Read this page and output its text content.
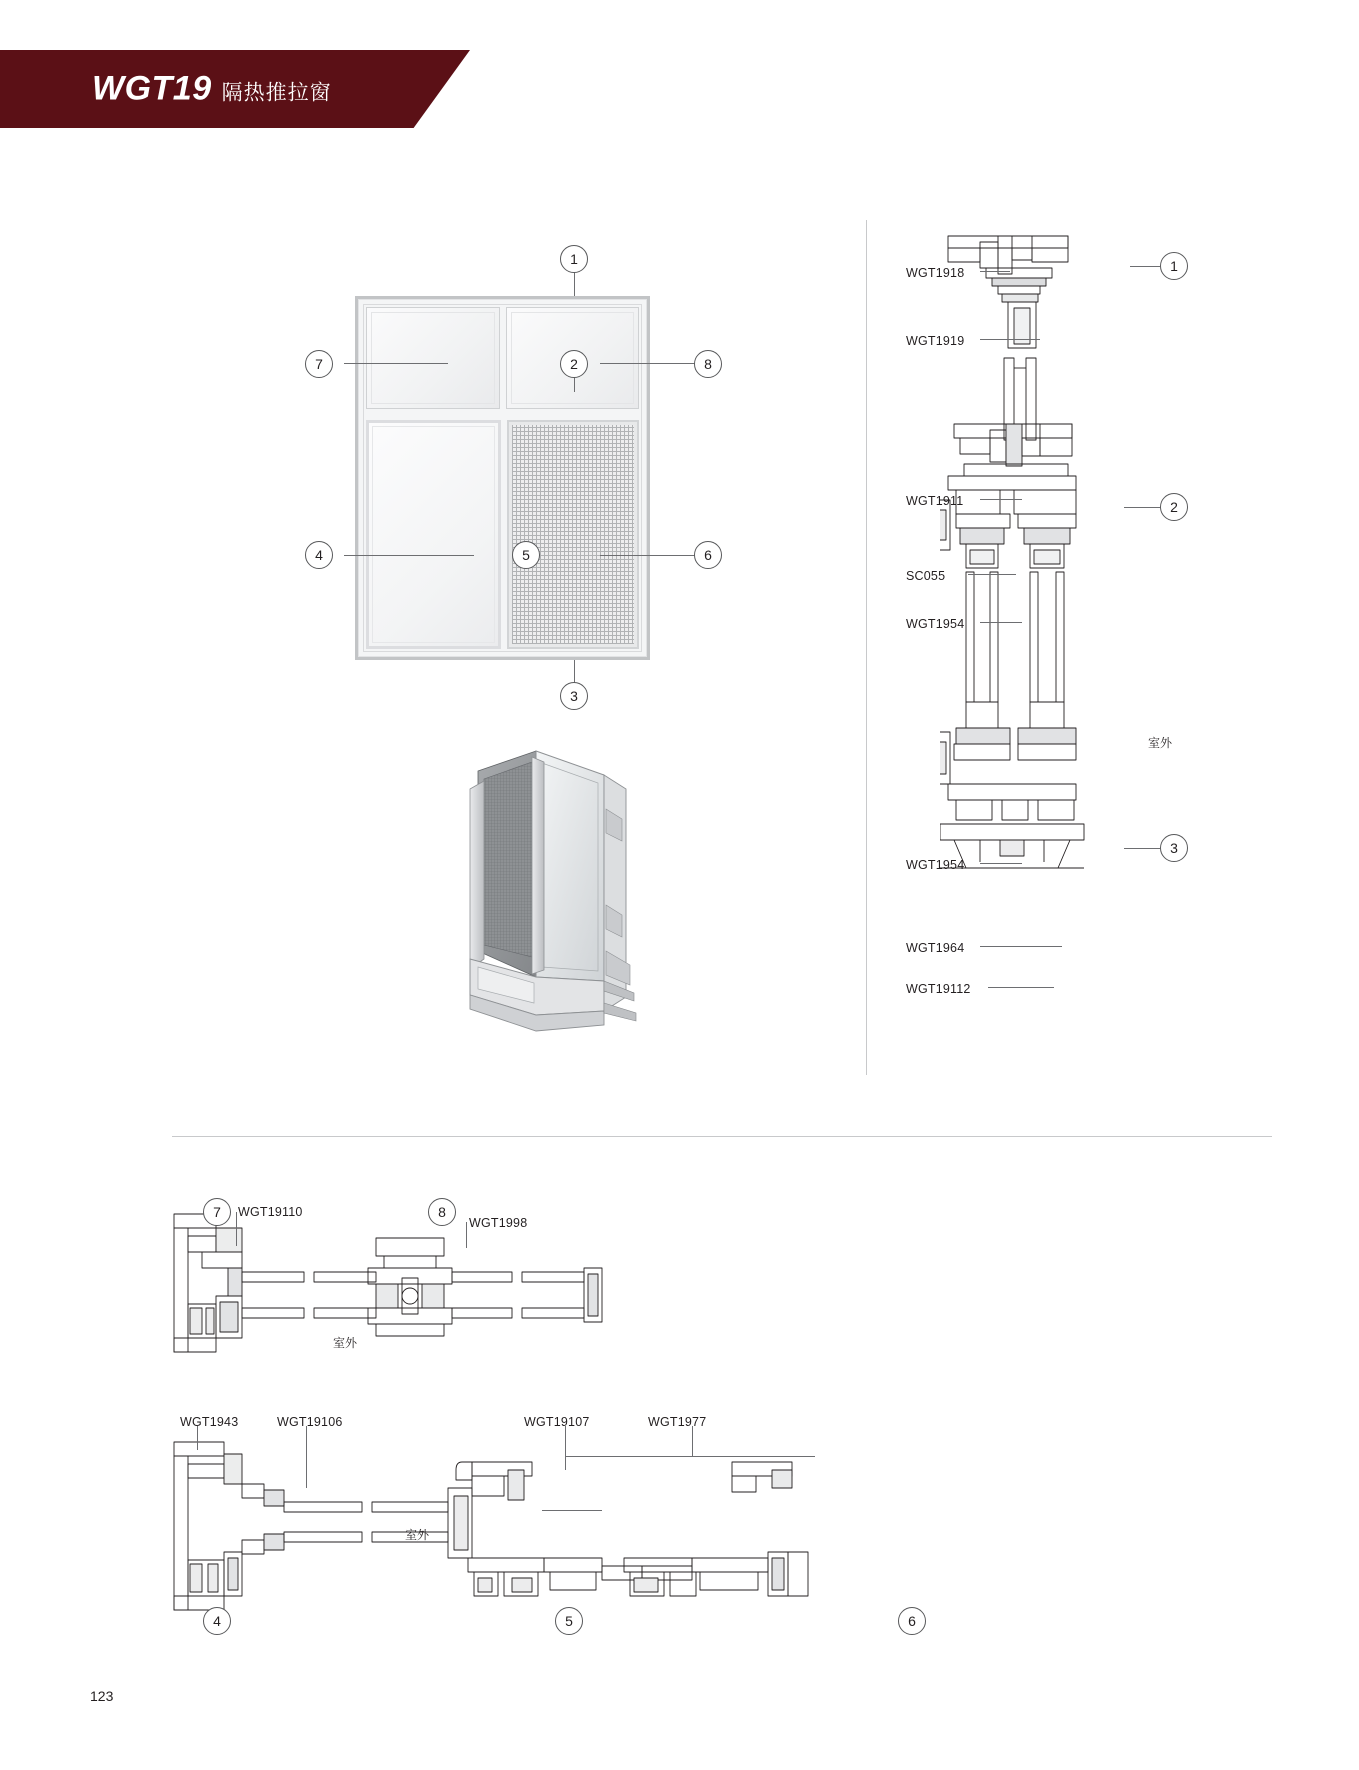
WGT19 隔热推拉窗
1
2
3
4	5	6
7	8
1
2
3
WGT1918
WGT1919
WGT1911
SC055
WGT1954
WGT1954
WGT1964
WGT19112
室外
7	8
WGT19110
WGT1998
室外
4	5	6
WGT1943	WGT19106	WGT19107	WGT1977
室外
123
